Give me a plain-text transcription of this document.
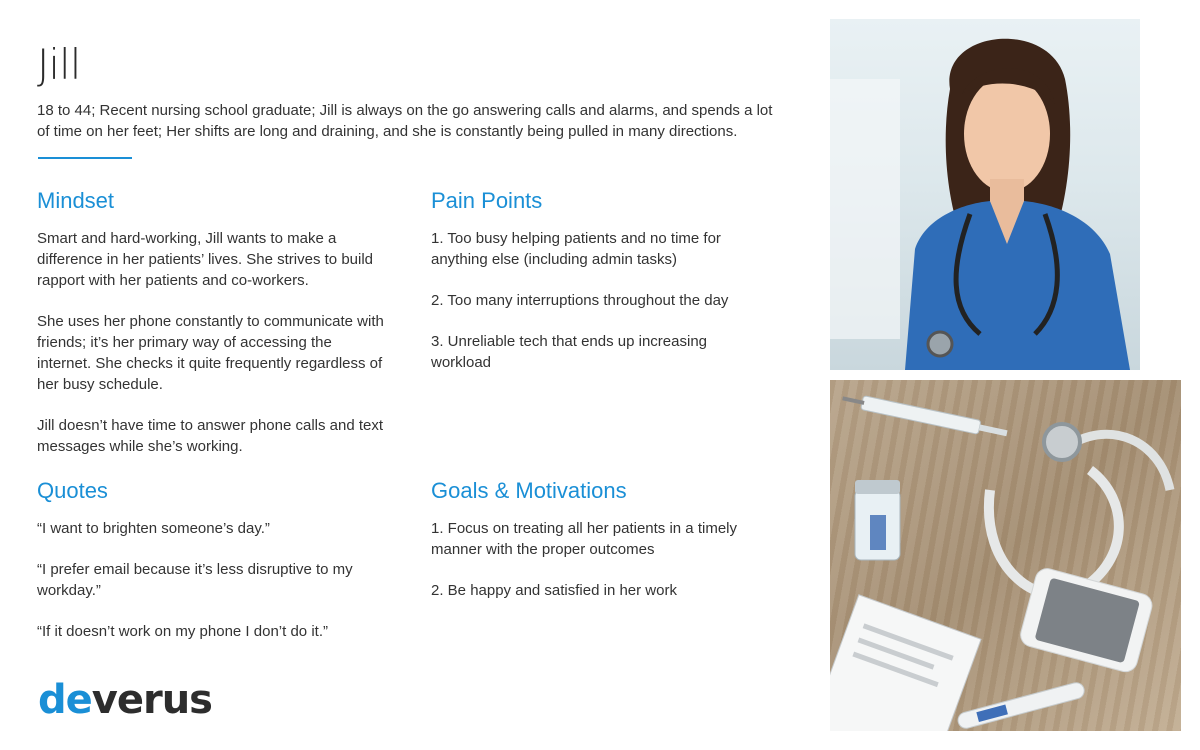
Jill

18 to 44; Recent nursing school graduate; Jill is always on the go answering calls and alarms, and spends a lot of time on her feet; Her shifts are long and draining, and she is constantly being pulled in many directions.

Mindset

Smart and hard-working, Jill wants to make a difference in her patients’ lives. She strives to build rapport with her patients and co-workers.

She uses her phone constantly to communicate with friends; it’s her primary way of accessing the internet. She checks it quite frequently regardless of her busy schedule.

Jill doesn’t have time to answer phone calls and text messages while she’s working.

Pain Points

1. Too busy helping patients and no time for anything else (including admin tasks)

2. Too many interruptions throughout the day

3. Unreliable tech that ends up increasing workload

Quotes

“I want to brighten someone’s day.”

“I prefer email because it’s less disruptive to my workday.”

“If it doesn’t work on my phone I don’t do it.”

Goals & Motivations

1. Focus on treating all her patients in a timely manner with the proper outcomes

2. Be happy and satisfied in her work

deverus
